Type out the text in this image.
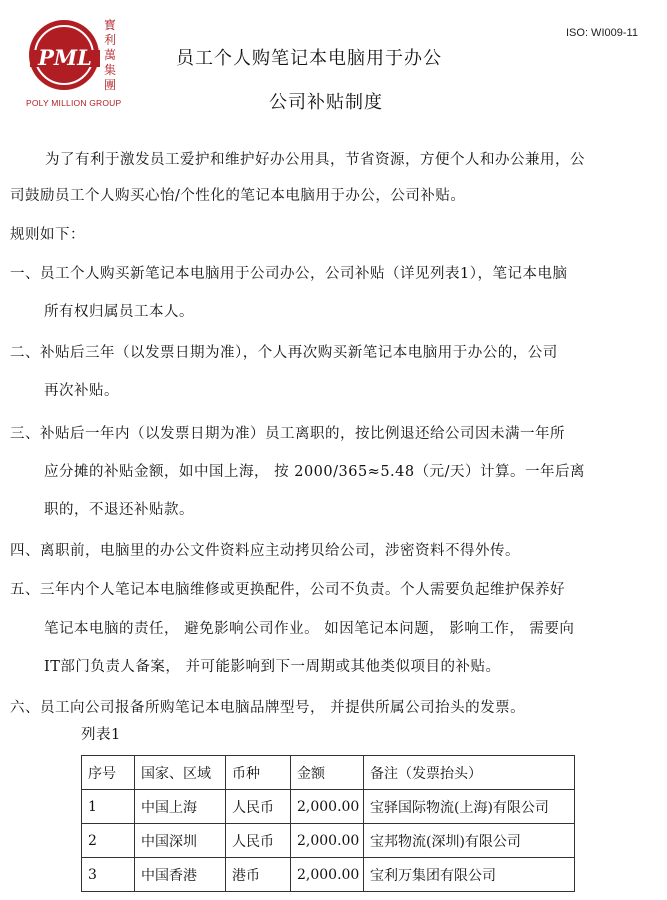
ISO: WI009-11
PML
寳利萬集團
POLY MILLION GROUP
员工个人购笔记本电脑用于办公
公司补贴制度
为了有利于激发员工爱护和维护好办公用具，节省资源，方便个人和办公兼用，公
司鼓励员工个人购买心怡/个性化的笔记本电脑用于办公，公司补贴。
规则如下：
一、员工个人购买新笔记本电脑用于公司办公，公司补贴（详见列表1），笔记本电脑
所有权归属员工本人。
二、补贴后三年（以发票日期为准），个人再次购买新笔记本电脑用于办公的，公司
再次补贴。
三、补贴后一年内（以发票日期为准）员工离职的，按比例退还给公司因未满一年所
应分摊的补贴金额，如中国上海， 按 2000/365≈5.48（元/天）计算。一年后离
职的，不退还补贴款。
四、离职前，电脑里的办公文件资料应主动拷贝给公司，涉密资料不得外传。
五、三年内个人笔记本电脑维修或更换配件，公司不负责。个人需要负起维护保养好
笔记本电脑的责任， 避免影响公司作业。 如因笔记本问题， 影响工作， 需要向
IT部门负责人备案， 并可能影响到下一周期或其他类似项目的补贴。
六、员工向公司报备所购笔记本电脑品牌型号， 并提供所属公司抬头的发票。
列表1
序号	国家、区域	币种	金额	备注（发票抬头）
1	中国上海	人民币	2,000.00	宝驿国际物流(上海)有限公司
2	中国深圳	人民币	2,000.00	宝邦物流(深圳)有限公司
3	中国香港	港币	2,000.00	宝利万集团有限公司
